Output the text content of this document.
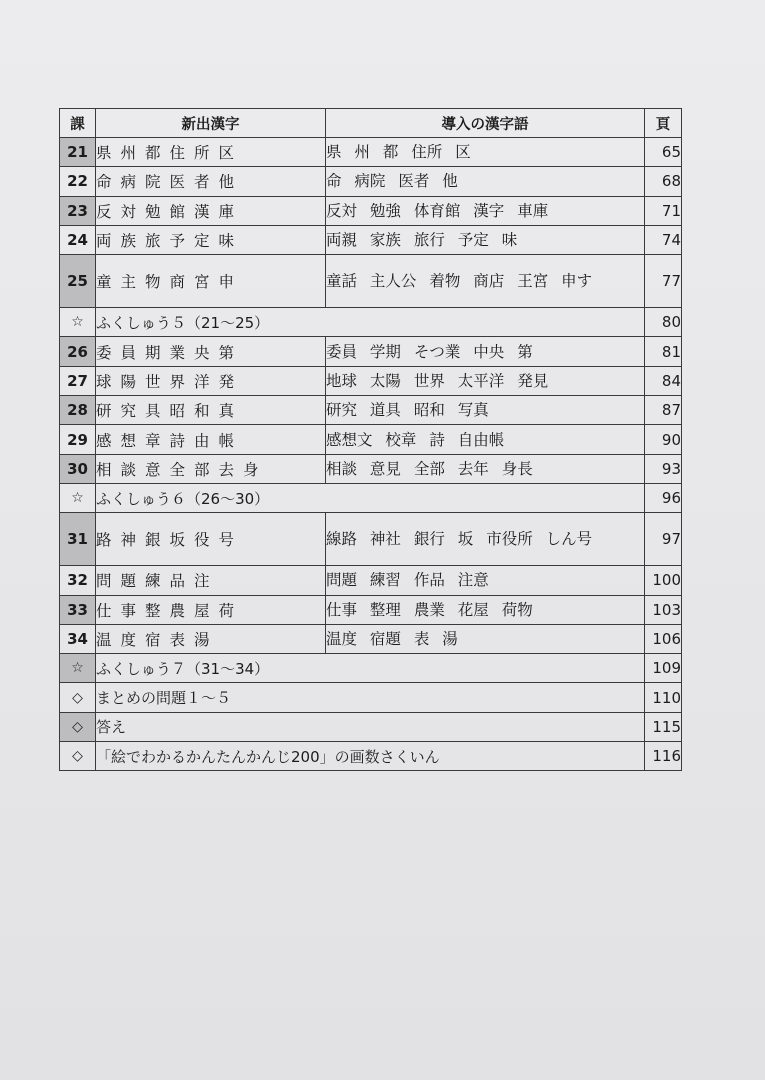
課	新出漢字	導入の漢字語	頁
21	県州都住所区	県 州 都 住所 区	65
22	命病院医者他	命 病院 医者 他	68
23	反対勉館漢庫	反対 勉強 体育館 漢字 車庫	71
24	両族旅予定味	両親 家族 旅行 予定 味	74
25	童主物商宮申	童話 主人公 着物 商店 王宮 申す	77
☆	ふくしゅう５（21～25）		80
26	委員期業央第	委員 学期 そつ業 中央 第	81
27	球陽世界洋発	地球 太陽 世界 太平洋 発見	84
28	研究具昭和真	研究 道具 昭和 写真	87
29	感想章詩由帳	感想文 校章 詩 自由帳	90
30	相談意全部去身	相談 意見 全部 去年 身長	93
☆	ふくしゅう６（26～30）		96
31	路神銀坂役号	線路 神社 銀行 坂 市役所 しん号	97
32	問題練品注	問題 練習 作品 注意	100
33	仕事整農屋荷	仕事 整理 農業 花屋 荷物	103
34	温度宿表湯	温度 宿題 表 湯	106
☆	ふくしゅう７（31～34）		109
◇	まとめの問題１～５		110
◇	答え		115
◇	「絵でわかるかんたんかんじ200」の画数さくいん		116
